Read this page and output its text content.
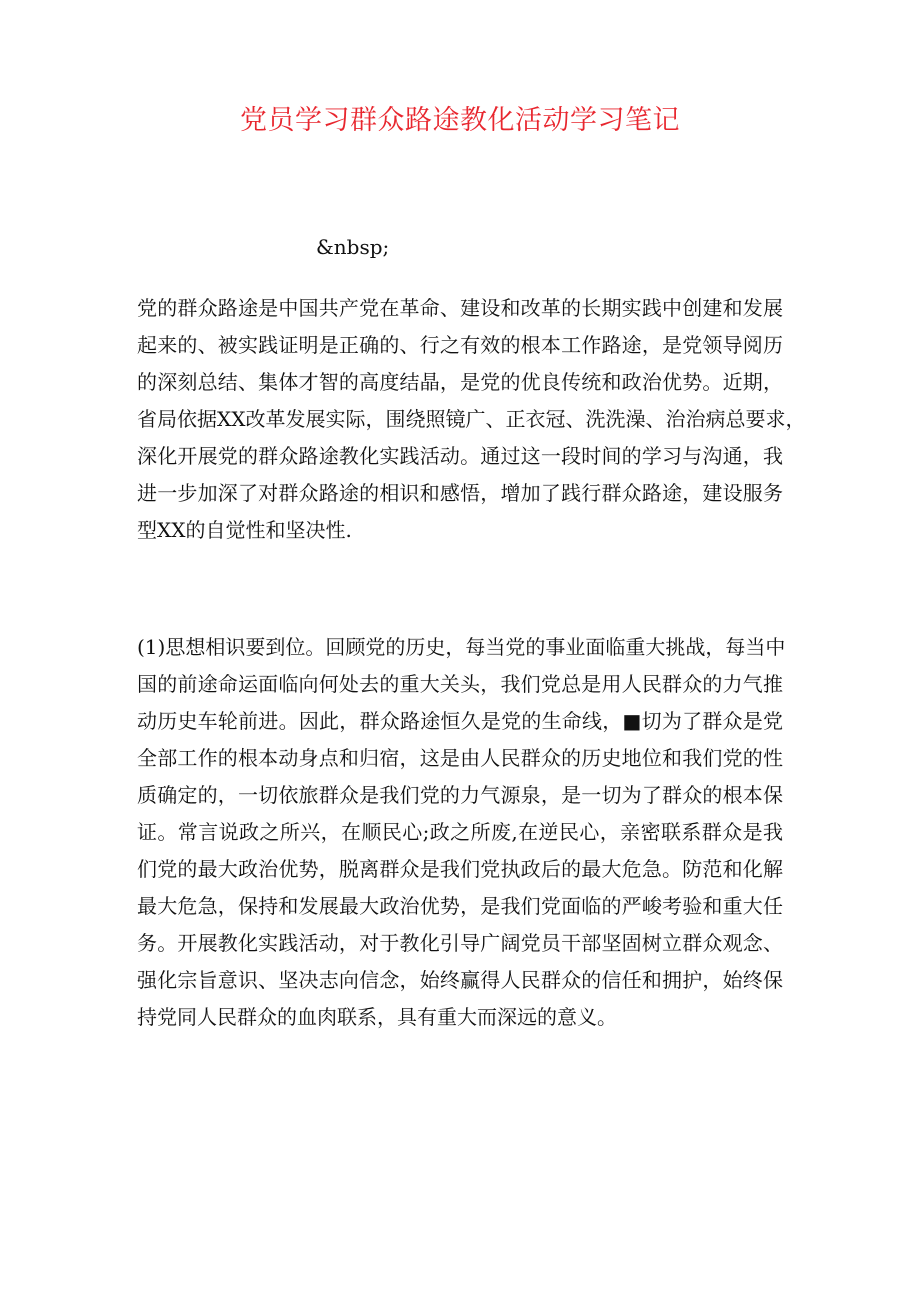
党员学习群众路途教化活动学习笔记
&nbsp;
党的群众路途是中国共产党在革命、建设和改革的长期实践中创建和发展
起来的、被实践证明是正确的、行之有效的根本工作路途，是党领导阅历
的深刻总结、集体才智的高度结晶，是党的优良传统和政治优势。近期，
省局依据XX改革发展实际，围绕照镜广、正衣冠、洗洗澡、治治病总要求，
深化开展党的群众路途教化实践活动。通过这一段时间的学习与沟通，我
进一步加深了对群众路途的相识和感悟，增加了践行群众路途，建设服务
型XX的自觉性和坚决性.
(1)思想相识要到位。回顾党的历史，每当党的事业面临重大挑战，每当中
国的前途命运面临向何处去的重大关头，我们党总是用人民群众的力气推
动历史车轮前进。因此，群众路途恒久是党的生命线，■切为了群众是党
全部工作的根本动身点和归宿，这是由人民群众的历史地位和我们党的性
质确定的，一切依旅群众是我们党的力气源泉，是一切为了群众的根本保
证。常言说政之所兴，在顺民心;政之所废,在逆民心，亲密联系群众是我
们党的最大政治优势，脱离群众是我们党执政后的最大危急。防范和化解
最大危急，保持和发展最大政治优势，是我们党面临的严峻考验和重大任
务。开展教化实践活动，对于教化引导广阔党员干部坚固树立群众观念、
强化宗旨意识、坚决志向信念，始终赢得人民群众的信任和拥护，始终保
持党同人民群众的血肉联系，具有重大而深远的意义。
